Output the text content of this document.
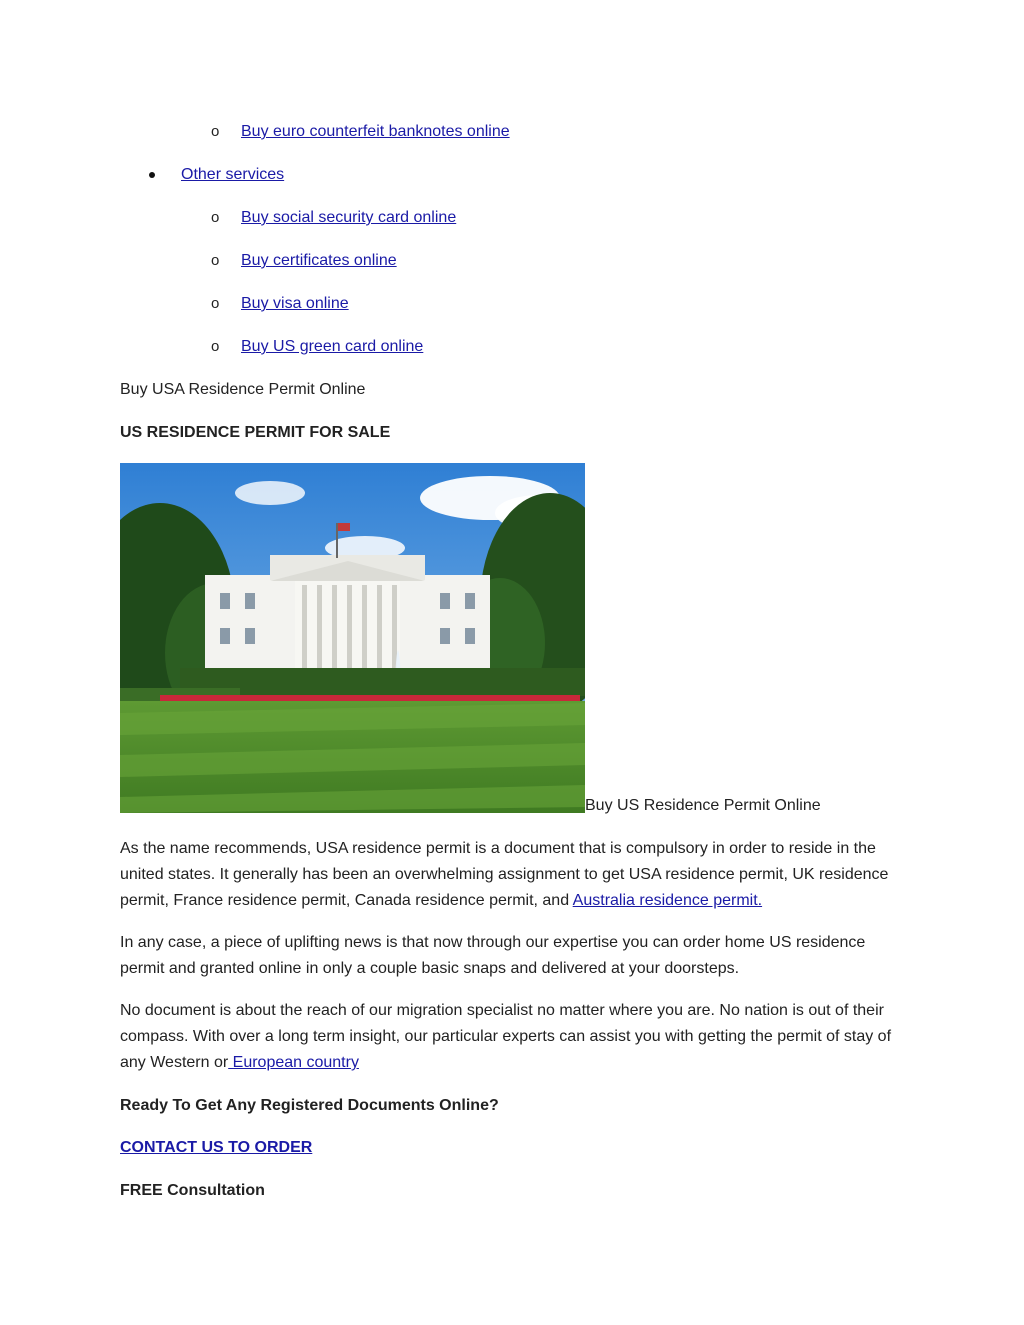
o Buy euro counterfeit banknotes online
Other services
o Buy social security card online
o Buy certificates online
o Buy visa online
o Buy US green card online
Buy USA Residence Permit Online
US RESIDENCE PERMIT FOR SALE
Buy US Residence Permit Online
As the name recommends, USA residence permit is a document that is compulsory in order to reside in the united states. It generally has been an overwhelming assignment to get USA residence permit, UK residence permit, France residence permit, Canada residence permit, and Australia residence permit.
In any case, a piece of uplifting news is that now through our expertise you can order home US residence permit and granted online in only a couple basic snaps and delivered at your doorsteps.
No document is about the reach of our migration specialist no matter where you are. No nation is out of their compass. With over a long term insight, our particular experts can assist you with getting the permit of stay of any Western or European country
Ready To Get Any Registered Documents Online?
CONTACT US TO ORDER
FREE Consultation
